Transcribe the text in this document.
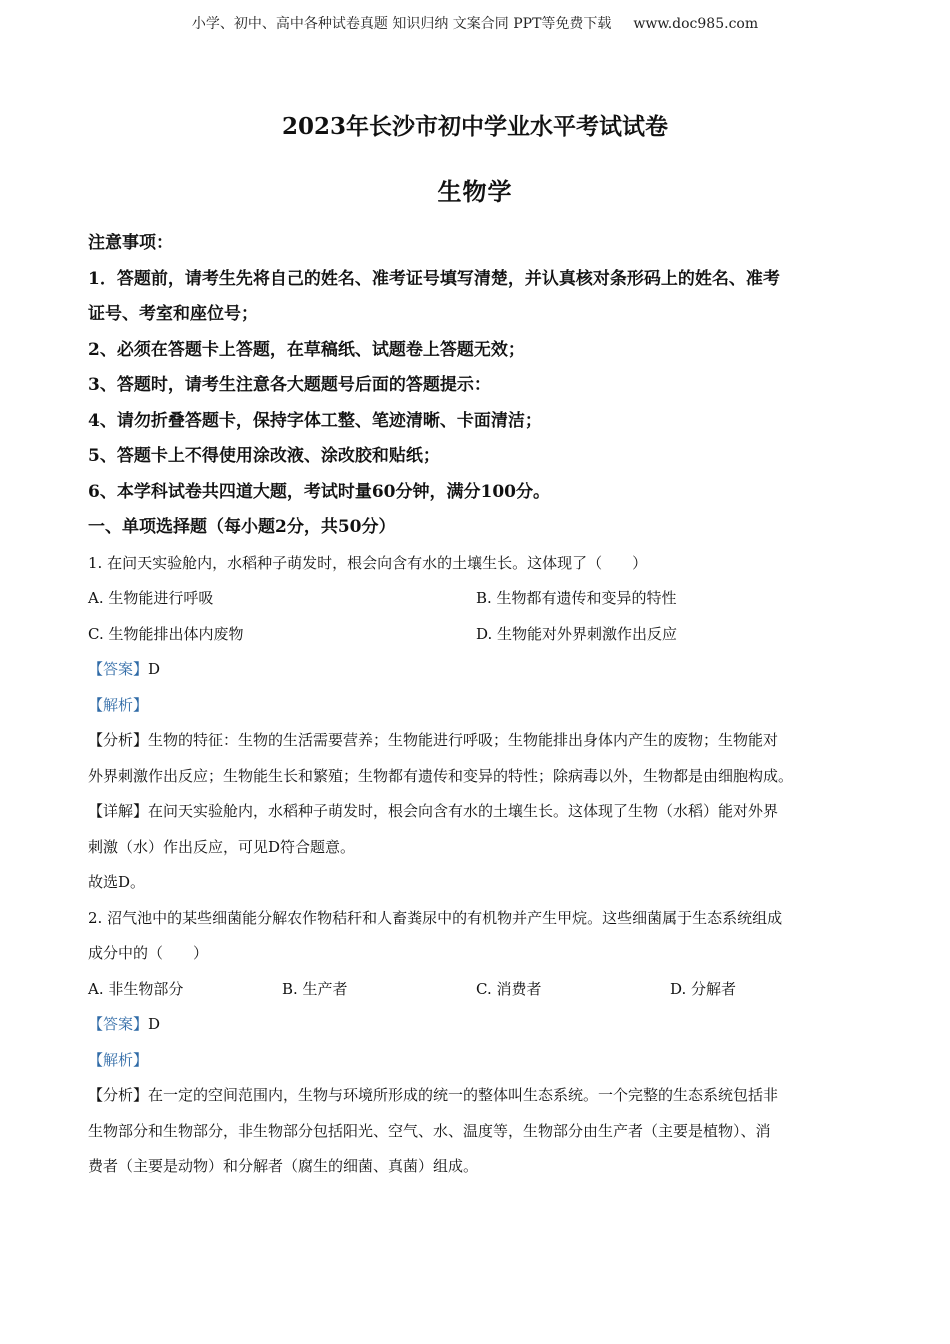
小学、初中、高中各种试卷真题 知识归纳 文案合同 PPT等免费下载 www.doc985.com
2023年长沙市初中学业水平考试试卷
生物学
注意事项：
1．答题前，请考生先将自己的姓名、准考证号填写清楚，并认真核对条形码上的姓名、准考
证号、考室和座位号；
2、必须在答题卡上答题，在草稿纸、试题卷上答题无效；
3、答题时，请考生注意各大题题号后面的答题提示：
4、请勿折叠答题卡，保持字体工整、笔迹清晰、卡面清洁；
5、答题卡上不得使用涂改液、涂改胶和贴纸；
6、本学科试卷共四道大题，考试时量60分钟，满分100分。
一、单项选择题（每小题2分，共50分）
1. 在问天实验舱内，水稻种子萌发时，根会向含有水的土壤生长。这体现了（　　）
A. 生物能进行呼吸	B. 生物都有遗传和变异的特性
C. 生物能排出体内废物	D. 生物能对外界刺激作出反应
【答案】D
【解析】
【分析】生物的特征：生物的生活需要营养；生物能进行呼吸；生物能排出身体内产生的废物；生物能对
外界刺激作出反应；生物能生长和繁殖；生物都有遗传和变异的特性；除病毒以外，生物都是由细胞构成。
【详解】在问天实验舱内，水稻种子萌发时，根会向含有水的土壤生长。这体现了生物（水稻）能对外界
刺激（水）作出反应，可见D符合题意。
故选D。
2. 沼气池中的某些细菌能分解农作物秸秆和人畜粪尿中的有机物并产生甲烷。这些细菌属于生态系统组成
成分中的（　　）
A. 非生物部分	B. 生产者	C. 消费者	D. 分解者
【答案】D
【解析】
【分析】在一定的空间范围内，生物与环境所形成的统一的整体叫生态系统。一个完整的生态系统包括非
生物部分和生物部分，非生物部分包括阳光、空气、水、温度等，生物部分由生产者（主要是植物）、消
费者（主要是动物）和分解者（腐生的细菌、真菌）组成。
